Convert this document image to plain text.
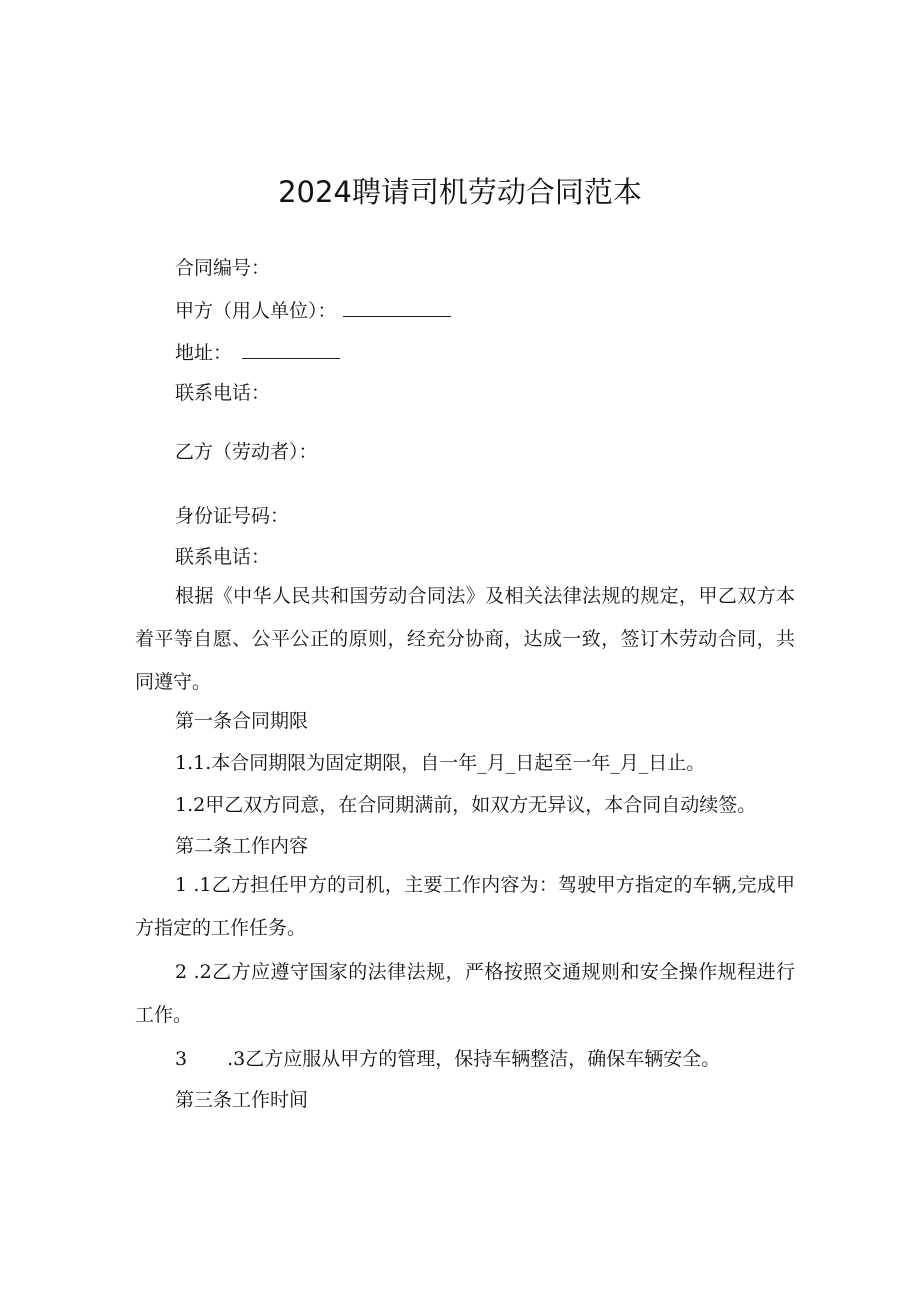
2024聘请司机劳动合同范本
合同编号：
甲方（用人单位）：
地址：
联系电话：
乙方（劳动者）：
身份证号码：
联系电话：
根据《中华人民共和国劳动合同法》及相关法律法规的规定，甲乙双方本着平等自愿、公平公正的原则，经充分协商，达成一致，签订木劳动合同，共同遵守。
第一条合同期限
1.1.本合同期限为固定期限，自一年_月_日起至一年_月_日止。
1.2甲乙双方同意，在合同期满前，如双方无异议，本合同自动续签。
第二条工作内容
1 .1乙方担任甲方的司机，主要工作内容为：驾驶甲方指定的车辆,完成甲方指定的工作任务。
2 .2乙方应遵守国家的法律法规，严格按照交通规则和安全操作规程进行工作。
3 .3乙方应服从甲方的管理，保持车辆整洁，确保车辆安全。
第三条工作时间
